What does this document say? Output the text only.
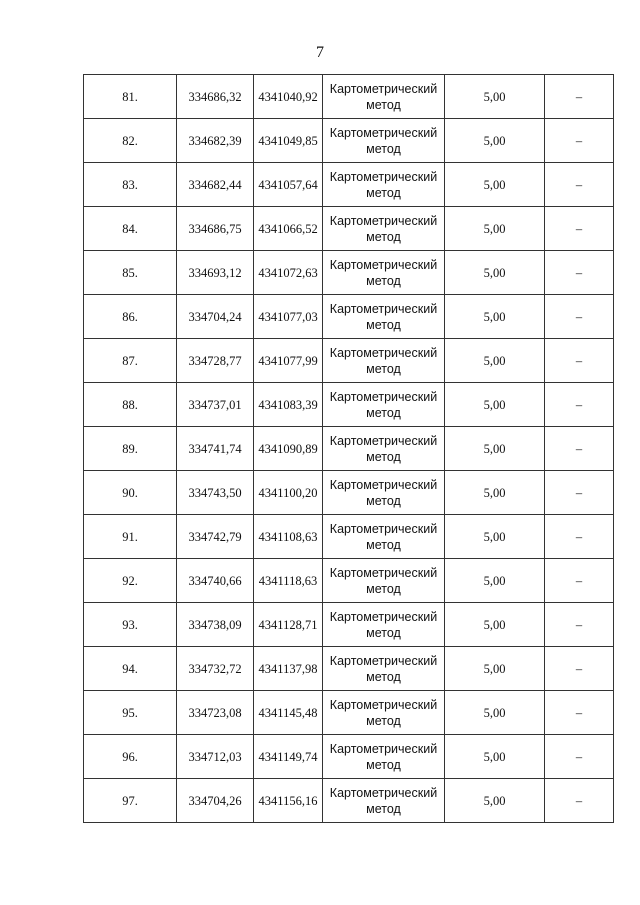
7
81.	334686,32	4341040,92	Картометрический
метод	5,00	–
82.	334682,39	4341049,85	Картометрический
метод	5,00	–
83.	334682,44	4341057,64	Картометрический
метод	5,00	–
84.	334686,75	4341066,52	Картометрический
метод	5,00	–
85.	334693,12	4341072,63	Картометрический
метод	5,00	–
86.	334704,24	4341077,03	Картометрический
метод	5,00	–
87.	334728,77	4341077,99	Картометрический
метод	5,00	–
88.	334737,01	4341083,39	Картометрический
метод	5,00	–
89.	334741,74	4341090,89	Картометрический
метод	5,00	–
90.	334743,50	4341100,20	Картометрический
метод	5,00	–
91.	334742,79	4341108,63	Картометрический
метод	5,00	–
92.	334740,66	4341118,63	Картометрический
метод	5,00	–
93.	334738,09	4341128,71	Картометрический
метод	5,00	–
94.	334732,72	4341137,98	Картометрический
метод	5,00	–
95.	334723,08	4341145,48	Картометрический
метод	5,00	–
96.	334712,03	4341149,74	Картометрический
метод	5,00	–
97.	334704,26	4341156,16	Картометрический
метод	5,00	–
